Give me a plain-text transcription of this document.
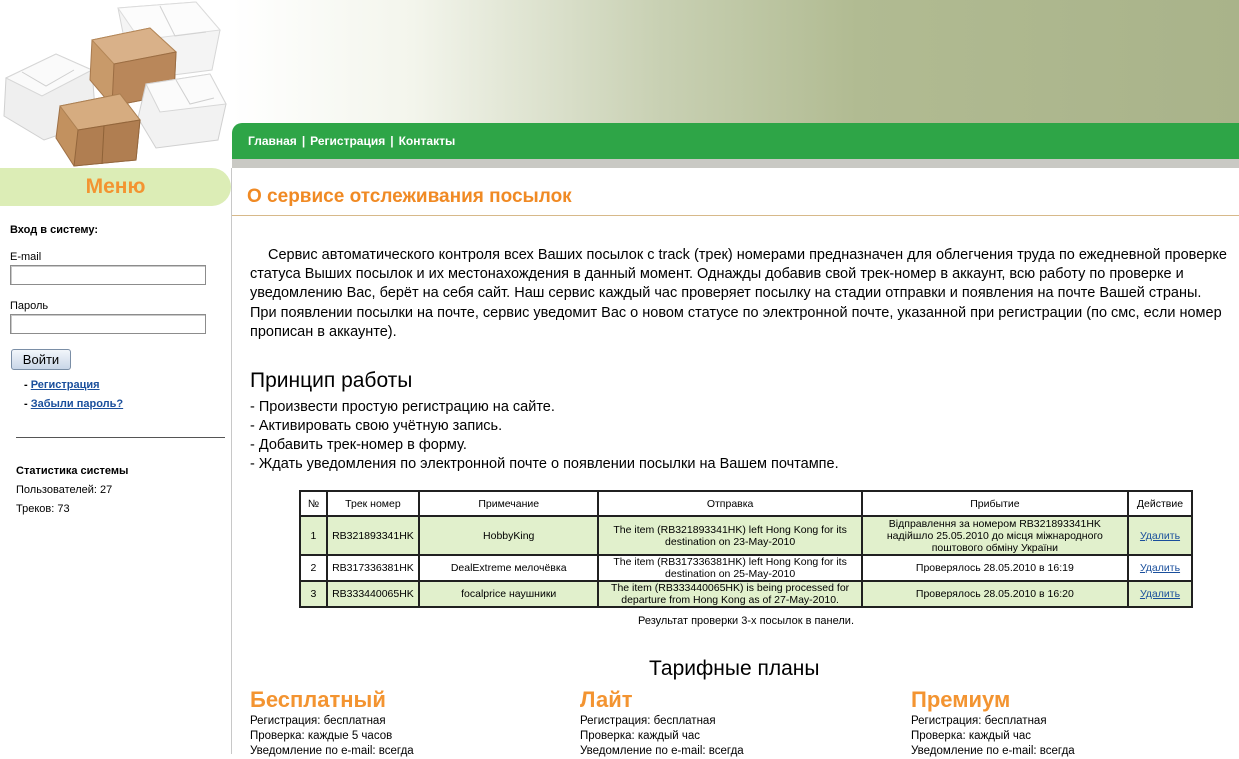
Главная | Регистрация | Контакты
Меню
Вход в систему:
E-mail
Пароль
Войти
- Регистрация
- Забыли пароль?
Статистика системы
Пользователей: 27
Треков: 73
О сервисе отслеживания посылок

Сервис автоматического контроля всех Ваших посылок с track (трек) номерами предназначен для облегчения труда по ежедневной проверке статуса Выших посылок и их местонахождения в данный момент. Однажды добавив свой трек-номер в аккаунт, всю работу по проверке и уведомлению Вас, берёт на себя сайт. Наш сервис каждый час проверяет посылку на стадии отправки и появления на почте Вашей страны. При появлении посылки на почте, сервис уведомит Вас о новом статусе по электронной почте, указанной при регистрации (по смс, если номер прописан в аккаунте).

Принцип работы
- Произвести простую регистрацию на сайте.
- Активировать свою учётную запись.
- Добавить трек-номер в форму.
- Ждать уведомления по электронной почте о появлении посылки на Вашем почтампе.
№	Трек номер	Примечание	Отправка	Прибытие	Действие
1	RB321893341HK	HobbyKing	The item (RB321893341HK) left Hong Kong for its destination on 23-May-2010	Відправлення за номером RB321893341HK надійшло 25.05.2010 до місця міжнародного поштового обміну України	Удалить
2	RB317336381HK	DealExtreme мелочёвка	The item (RB317336381HK) left Hong Kong for its destination on 25-May-2010	Проверялось 28.05.2010 в 16:19	Удалить
3	RB333440065HK	focalprice наушники	The item (RB333440065HK) is being processed for departure from Hong Kong as of 27-May-2010.	Проверялось 28.05.2010 в 16:20	Удалить
Результат проверки 3-х посылок в панели.
Тарифные планы
Бесплатный
Регистрация: бесплатная
Проверка: каждые 5 часов
Уведомление по e-mail: всегда
Лайт
Регистрация: бесплатная
Проверка: каждый час
Уведомление по e-mail: всегда
Премиум
Регистрация: бесплатная
Проверка: каждый час
Уведомление по e-mail: всегда
